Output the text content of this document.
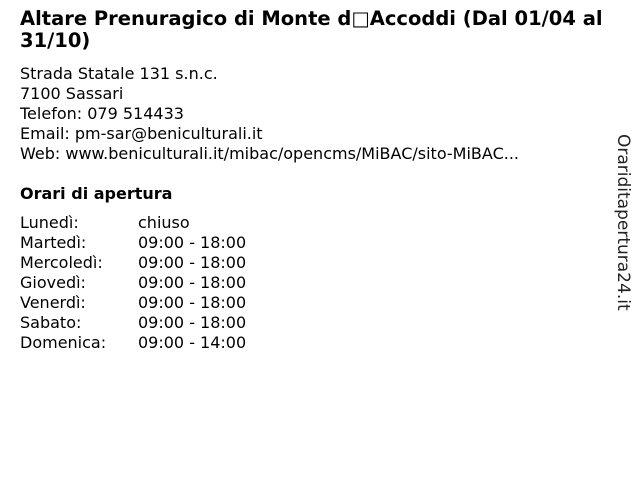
Altare Prenuragico di Monte d□Accoddi (Dal 01/04 al 31/10)
Strada Statale 131 s.n.c.
7100 Sassari
Telefon: 079 514433
Email: pm-sar@beniculturali.it
Web: www.beniculturali.it/mibac/opencms/MiBAC/sito-MiBAC...
Orari di apertura
Lunedì:	chiuso
Martedì:	09:00 - 18:00
Mercoledì: 09:00 - 18:00
Giovedì:	09:00 - 18:00
Venerdì:	09:00 - 18:00
Sabato:	09:00 - 18:00
Domenica: 09:00 - 14:00
Orariditapertura24.it
